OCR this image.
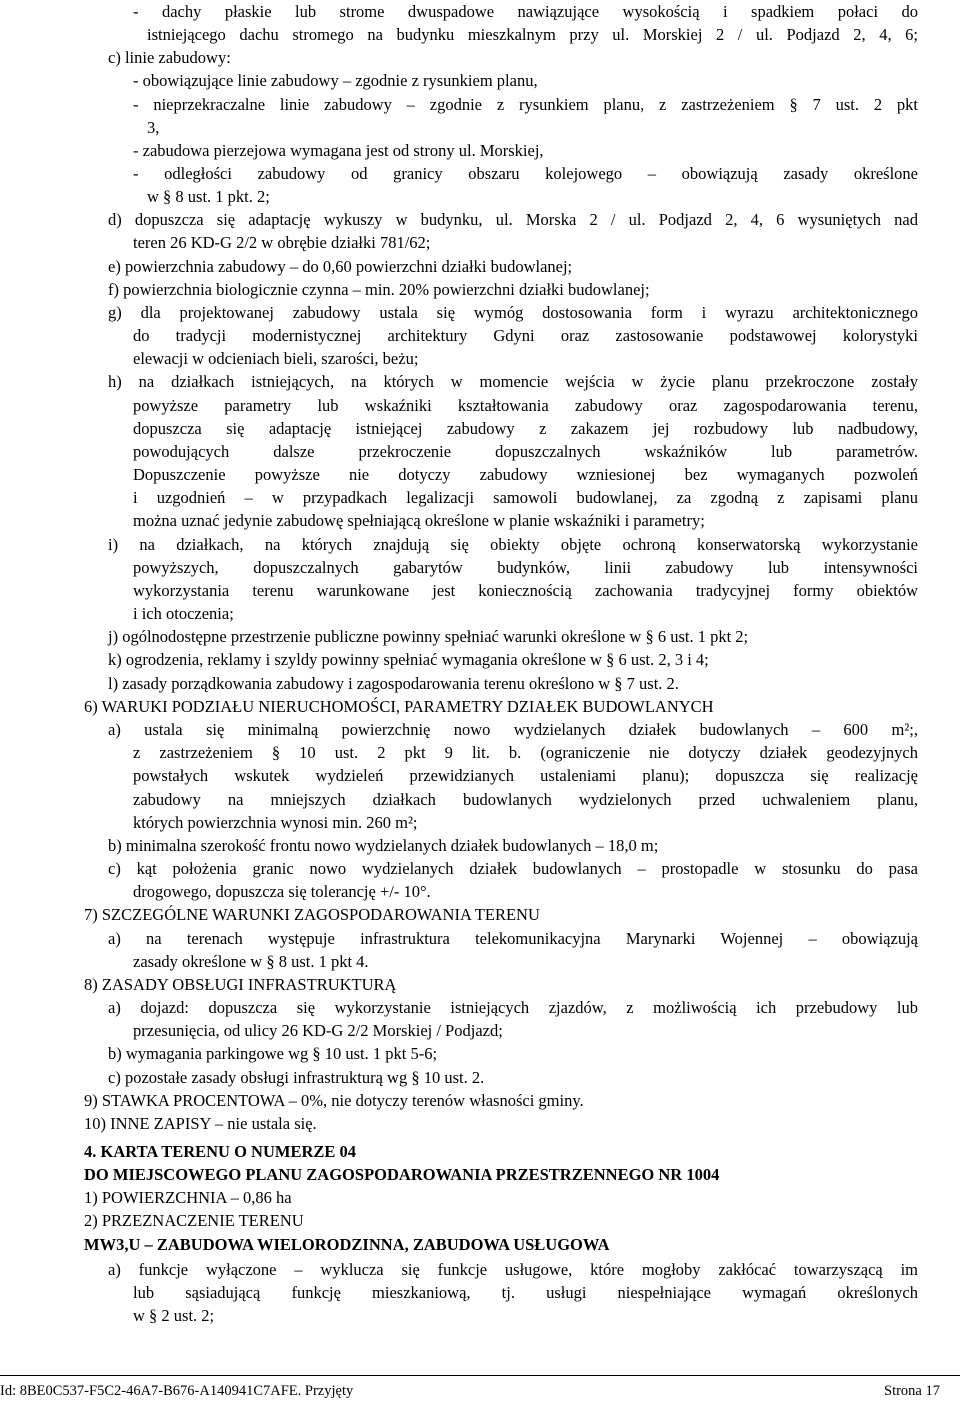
- dachy płaskie lub strome dwuspadowe nawiązujące wysokością i spadkiem połaci do
istniejącego dachu stromego na budynku mieszkalnym przy ul. Morskiej 2 / ul. Podjazd 2, 4, 6;
c) linie zabudowy:
- obowiązujące linie zabudowy – zgodnie z rysunkiem planu,
- nieprzekraczalne linie zabudowy – zgodnie z rysunkiem planu, z zastrzeżeniem § 7 ust. 2 pkt
3,
- zabudowa pierzejowa wymagana jest od strony ul. Morskiej,
- odległości zabudowy od granicy obszaru kolejowego – obowiązują zasady określone
w § 8 ust. 1 pkt. 2;
d) dopuszcza się adaptację wykuszy w budynku, ul. Morska 2 / ul. Podjazd 2, 4, 6 wysuniętych nad
teren 26 KD-G 2/2 w obrębie działki 781/62;
e) powierzchnia zabudowy – do 0,60 powierzchni działki budowlanej;
f) powierzchnia biologicznie czynna – min. 20% powierzchni działki budowlanej;
g) dla projektowanej zabudowy ustala się wymóg dostosowania form i wyrazu architektonicznego
do tradycji modernistycznej architektury Gdyni oraz zastosowanie podstawowej kolorystyki
elewacji w odcieniach bieli, szarości, beżu;
h) na działkach istniejących, na których w momencie wejścia w życie planu przekroczone zostały
powyższe parametry lub wskaźniki kształtowania zabudowy oraz zagospodarowania terenu,
dopuszcza się adaptację istniejącej zabudowy z zakazem jej rozbudowy lub nadbudowy,
powodujących dalsze przekroczenie dopuszczalnych wskaźników lub parametrów.
Dopuszczenie powyższe nie dotyczy zabudowy wzniesionej bez wymaganych pozwoleń
i uzgodnień – w przypadkach legalizacji samowoli budowlanej, za zgodną z zapisami planu
można uznać jedynie zabudowę spełniającą określone w planie wskaźniki i parametry;
i) na działkach, na których znajdują się obiekty objęte ochroną konserwatorską wykorzystanie
powyższych, dopuszczalnych gabarytów budynków, linii zabudowy lub intensywności
wykorzystania terenu warunkowane jest koniecznością zachowania tradycyjnej formy obiektów
i ich otoczenia;
j) ogólnodostępne przestrzenie publiczne powinny spełniać warunki określone w § 6 ust. 1 pkt 2;
k) ogrodzenia, reklamy i szyldy powinny spełniać wymagania określone w § 6 ust. 2, 3 i 4;
l) zasady porządkowania zabudowy i zagospodarowania terenu określono w § 7 ust. 2.
6) WARUKI PODZIAŁU NIERUCHOMOŚCI, PARAMETRY DZIAŁEK BUDOWLANYCH
a) ustala się minimalną powierzchnię nowo wydzielanych działek budowlanych – 600 m²;,
z zastrzeżeniem § 10 ust. 2 pkt 9 lit. b. (ograniczenie nie dotyczy działek geodezyjnych
powstałych wskutek wydzieleń przewidzianych ustaleniami planu); dopuszcza się realizację
zabudowy na mniejszych działkach budowlanych wydzielonych przed uchwaleniem planu,
których powierzchnia wynosi min. 260 m²;
b) minimalna szerokość frontu nowo wydzielanych działek budowlanych – 18,0 m;
c) kąt położenia granic nowo wydzielanych działek budowlanych – prostopadle w stosunku do pasa
drogowego, dopuszcza się tolerancję +/- 10°.
7) SZCZEGÓLNE WARUNKI ZAGOSPODAROWANIA TERENU
a) na terenach występuje infrastruktura telekomunikacyjna Marynarki Wojennej – obowiązują
zasady określone w § 8 ust. 1 pkt 4.
8) ZASADY OBSŁUGI INFRASTRUKTURĄ
a) dojazd: dopuszcza się wykorzystanie istniejących zjazdów, z możliwością ich przebudowy lub
przesunięcia, od ulicy 26 KD-G 2/2 Morskiej / Podjazd;
b) wymagania parkingowe wg § 10 ust. 1 pkt 5-6;
c) pozostałe zasady obsługi infrastrukturą wg § 10 ust. 2.
9) STAWKA PROCENTOWA – 0%, nie dotyczy terenów własności gminy.
10) INNE ZAPISY – nie ustala się.
4. KARTA TERENU O NUMERZE 04
DO MIEJSCOWEGO PLANU ZAGOSPODAROWANIA PRZESTRZENNEGO NR 1004
1) POWIERZCHNIA – 0,86 ha
2) PRZEZNACZENIE TERENU
MW3,U – ZABUDOWA WIELORODZINNA, ZABUDOWA USŁUGOWA
a) funkcje wyłączone – wyklucza się funkcje usługowe, które mogłoby zakłócać towarzyszącą im
lub sąsiadującą funkcję mieszkaniową, tj. usługi niespełniające wymagań określonych
w § 2 ust. 2;
Id: 8BE0C537-F5C2-46A7-B676-A140941C7AFE. Przyjęty	Strona 17
